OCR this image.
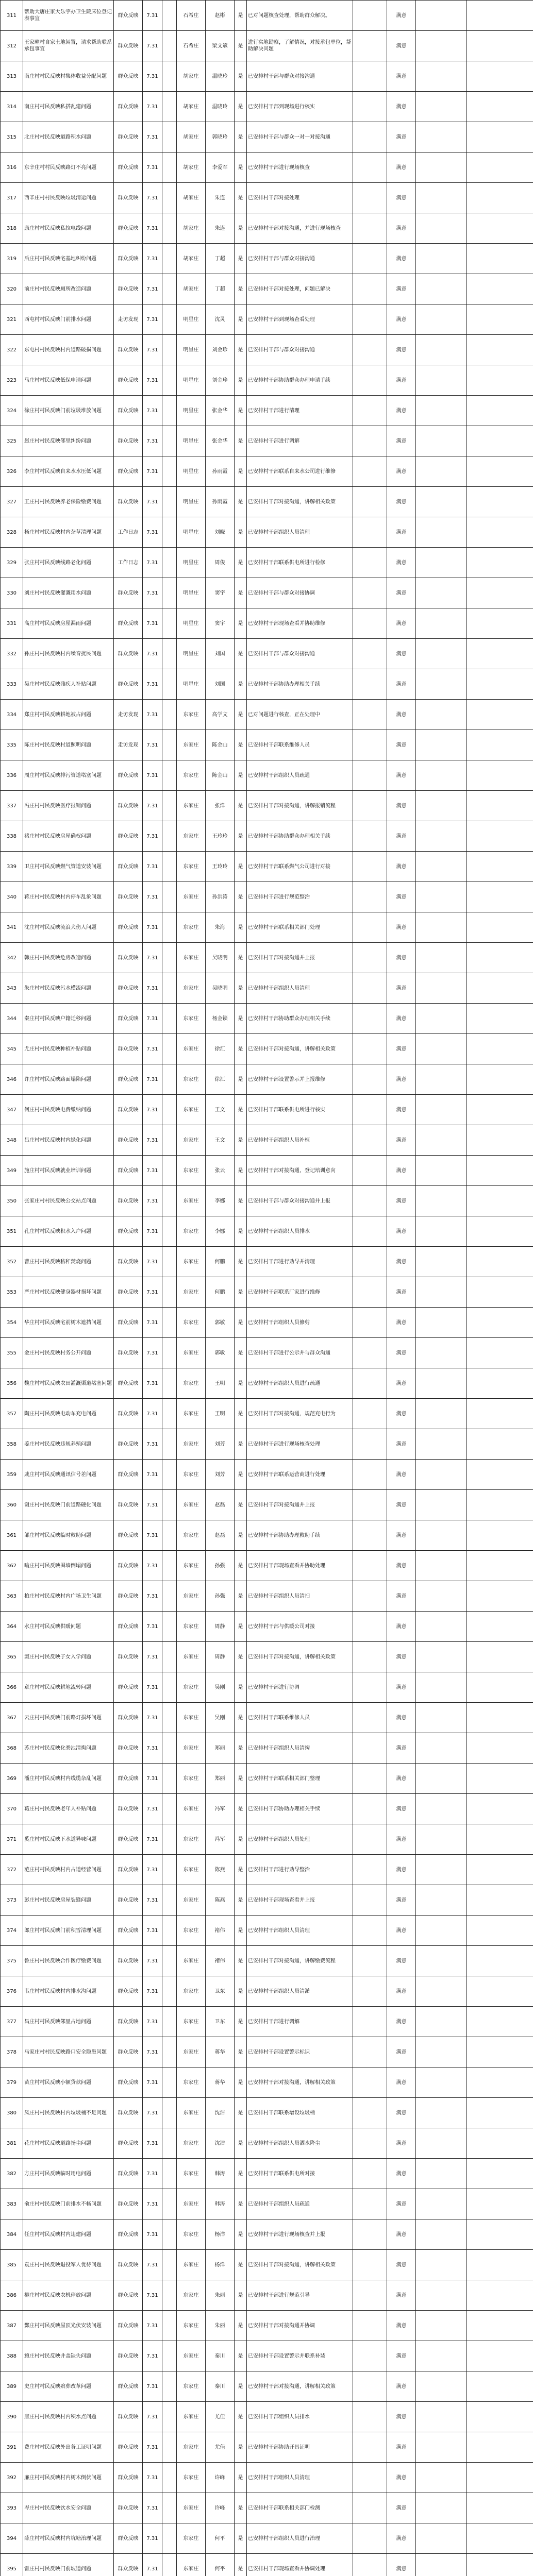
311	帮助大唐庄家大乐宇办卫生院床位登记表事宜	群众反映	7.31		石希庄	赵彬	是	已对问题核查处理，帮助群众解决。		满意		
312	王家疃村自家土地闲置，请求帮助联系承包事宜	群众反映	7.31		石希庄	梁文斌	是	进行实地勘察，了解情况，对接承包单位，帮助解决问题		满意		
313	南庄村村民反映村集体收益分配问题	群众反映	7.31		胡家庄	温晓玲	是	已安排村干部与群众对接沟通		满意		
314	南庄村村民反映私搭乱建问题	群众反映	7.31		胡家庄	温晓玲	是	已安排村干部到现场进行核实		满意		
315	北庄村村民反映道路积水问题	群众反映	7.31		胡家庄	郭晓玲	是	已安排村干部与群众一对一对接沟通		满意		
316	东辛庄村村民反映路灯不亮问题	群众反映	7.31		胡家庄	李爱军	是	已安排村干部进行现场核查		满意		
317	西辛庄村村民反映垃圾清运问题	群众反映	7.31		胡家庄	朱连	是	已安排村干部对接处理		满意		
318	康庄村村民反映私拉电线问题	群众反映	7.31		胡家庄	朱连	是	已安排村干部对接沟通，并进行现场核查		满意		
319	后庄村村民反映宅基地纠纷问题	群众反映	7.31		胡家庄	丁超	是	已安排村干部与群众对接沟通		满意		
320	前庄村村民反映厕所改造问题	群众反映	7.31		胡家庄	丁超	是	已安排村干部对接处理，问题已解决		满意		
321	西屯村村民反映门前排水问题	走访发现	7.31		明星庄	沈灵	是	已安排村干部到现场查看处理		满意		
322	东屯村村民反映村内道路破损问题	群众反映	7.31		明星庄	刘金珍	是	已安排村干部与群众对接沟通		满意		
323	马庄村村民反映低保申请问题	群众反映	7.31		明星庄	刘金珍	是	已安排村干部协助群众办理申请手续		满意		
324	徐庄村村民反映门前垃圾堆放问题	群众反映	7.31		明星庄	张金华	是	已安排村干部进行清理		满意		
325	赵庄村村民反映邻里纠纷问题	群众反映	7.31		明星庄	张金华	是	已安排村干部进行调解		满意		
326	李庄村村民反映自来水水压低问题	群众反映	7.31		明星庄	孙雨霞	是	已安排村干部联系自来水公司进行维修		满意		
327	王庄村村民反映养老保险缴费问题	群众反映	7.31		明星庄	孙雨霞	是	已安排村干部对接沟通，讲解相关政策		满意		
328	杨庄村村民反映村内杂草清理问题	工作日志	7.31		明星庄	刘晓	是	已安排村干部组织人员清理		满意		
329	张庄村村民反映线路老化问题	工作日志	7.31		明星庄	周俊	是	已安排村干部联系供电所进行检修		满意		
330	刘庄村村民反映灌溉用水问题	群众反映	7.31		明星庄	窦宇	是	已安排村干部与群众对接协调		满意		
331	高庄村村民反映房屋漏雨问题	群众反映	7.31		明星庄	窦宇	是	已安排村干部现场查看并协助维修		满意		
332	孙庄村村民反映村内噪音扰民问题	群众反映	7.31		明星庄	刘国	是	已安排村干部与群众对接沟通		满意		
333	吴庄村村民反映残疾人补贴问题	群众反映	7.31		明星庄	刘国	是	已安排村干部协助办理相关手续		满意		
334	郑庄村村民反映耕地被占问题	走访发现	7.31		东家庄	高学文	是	已对问题进行核查，正在处理中		满意		
335	陈庄村村民反映村道照明问题	走访发现	7.31		东家庄	陈金山	是	已安排村干部联系维修人员		满意		
336	周庄村村民反映排污管道堵塞问题	群众反映	7.31		东家庄	陈金山	是	已安排村干部组织人员疏通		满意		
337	冯庄村村民反映医疗报销问题	群众反映	7.31		东家庄	张洋	是	已安排村干部对接沟通，讲解报销流程		满意		
338	褚庄村村民反映房屋确权问题	群众反映	7.31		东家庄	王玲玲	是	已安排村干部协助群众办理相关手续		满意		
339	卫庄村村民反映燃气管道安装问题	群众反映	7.31		东家庄	王玲玲	是	已安排村干部联系燃气公司进行对接		满意		
340	蒋庄村村民反映村内停车乱象问题	群众反映	7.31		东家庄	孙洪涛	是	已安排村干部进行规范整治		满意		
341	沈庄村村民反映流浪犬伤人问题	群众反映	7.31		东家庄	朱海	是	已安排村干部联系相关部门处理		满意		
342	韩庄村村民反映危房改造问题	群众反映	7.31		东家庄	吴晓明	是	已安排村干部对接沟通并上报		满意		
343	朱庄村村民反映污水横流问题	群众反映	7.31		东家庄	吴晓明	是	已安排村干部组织人员清理		满意		
344	秦庄村村民反映户籍迁移问题	群众反映	7.31		东家庄	杨金锁	是	已安排村干部协助群众办理相关手续		满意		
345	尤庄村村民反映种植补贴问题	群众反映	7.31		东家庄	徐汇	是	已安排村干部对接沟通，讲解相关政策		满意		
346	许庄村村民反映路面塌陷问题	群众反映	7.31		东家庄	徐汇	是	已安排村干部设置警示并上报维修		满意		
347	何庄村村民反映电费缴纳问题	群众反映	7.31		东家庄	王文	是	已安排村干部联系供电所进行核实		满意		
348	吕庄村村民反映村内绿化问题	群众反映	7.31		东家庄	王文	是	已安排村干部组织人员补植		满意		
349	施庄村村民反映就业培训问题	群众反映	7.31		东家庄	张云	是	已安排村干部对接沟通，登记培训意向		满意		
350	张家庄村村民反映公交站点问题	群众反映	7.31		东家庄	李娜	是	已安排村干部与群众对接沟通并上报		满意		
351	孔庄村村民反映积水入户问题	群众反映	7.31		东家庄	李娜	是	已安排村干部组织人员排水		满意		
352	曹庄村村民反映秸秆焚烧问题	群众反映	7.31		东家庄	何鹏	是	已安排村干部进行劝导并清理		满意		
353	严庄村村民反映健身器材损坏问题	群众反映	7.31		东家庄	何鹏	是	已安排村干部联系厂家进行维修		满意		
354	华庄村村民反映宅前树木遮挡问题	群众反映	7.31		东家庄	郭敏	是	已安排村干部组织人员修剪		满意		
355	金庄村村民反映村务公开问题	群众反映	7.31		东家庄	郭敏	是	已安排村干部进行公示并与群众沟通		满意		
356	魏庄村村民反映农田灌溉渠道堵塞问题	群众反映	7.31		东家庄	王明	是	已安排村干部组织人员进行疏通		满意		
357	陶庄村村民反映电动车充电问题	群众反映	7.31		东家庄	王明	是	已安排村干部对接沟通，规范充电行为		满意		
358	姜庄村村民反映违规养殖问题	群众反映	7.31		东家庄	刘芳	是	已安排村干部进行现场核查处理		满意		
359	戚庄村村民反映通讯信号差问题	群众反映	7.31		东家庄	刘芳	是	已安排村干部联系运营商进行处理		满意		
360	谢庄村村民反映门前道路硬化问题	群众反映	7.31		东家庄	赵磊	是	已安排村干部对接沟通并上报		满意		
361	邹庄村村民反映临时救助问题	群众反映	7.31		东家庄	赵磊	是	已安排村干部协助办理救助手续		满意		
362	喻庄村村民反映围墙倒塌问题	群众反映	7.31		东家庄	孙强	是	已安排村干部现场查看并协助处理		满意		
363	柏庄村村民反映村内广场卫生问题	群众反映	7.31		东家庄	孙强	是	已安排村干部组织人员清扫		满意		
364	水庄村村民反映供暖问题	群众反映	7.31		东家庄	周静	是	已安排村干部与供暖公司对接		满意		
365	窦庄村村民反映子女入学问题	群众反映	7.31		东家庄	周静	是	已安排村干部对接沟通，讲解相关政策		满意		
366	章庄村村民反映耕地流转问题	群众反映	7.31		东家庄	吴刚	是	已安排村干部进行协调		满意		
367	云庄村村民反映门前路灯损坏问题	群众反映	7.31		东家庄	吴刚	是	已安排村干部联系维修人员		满意		
368	苏庄村村民反映化粪池清掏问题	群众反映	7.31		东家庄	郑丽	是	已安排村干部组织人员清掏		满意		
369	潘庄村村民反映村内线缆杂乱问题	群众反映	7.31		东家庄	郑丽	是	已安排村干部联系相关部门整理		满意		
370	葛庄村村民反映老年人补贴问题	群众反映	7.31		东家庄	冯军	是	已安排村干部协助办理相关手续		满意		
371	奚庄村村民反映下水道异味问题	群众反映	7.31		东家庄	冯军	是	已安排村干部组织人员处理		满意		
372	范庄村村民反映村内占道经营问题	群众反映	7.31		东家庄	陈燕	是	已安排村干部进行劝导整治		满意		
373	彭庄村村民反映房屋裂缝问题	群众反映	7.31		东家庄	陈燕	是	已安排村干部现场查看并上报		满意		
374	郎庄村村民反映门前积雪清理问题	群众反映	7.31		东家庄	褚伟	是	已安排村干部组织人员清理		满意		
375	鲁庄村村民反映合作医疗缴费问题	群众反映	7.31		东家庄	褚伟	是	已安排村干部对接沟通，讲解缴费流程		满意		
376	韦庄村村民反映村内排水沟问题	群众反映	7.31		东家庄	卫东	是	已安排村干部组织人员清淤		满意		
377	昌庄村村民反映邻里占地问题	群众反映	7.31		东家庄	卫东	是	已安排村干部进行调解		满意		
378	马家庄村村民反映路口安全隐患问题	群众反映	7.31		东家庄	蒋华	是	已安排村干部设置警示标识		满意		
379	苗庄村村民反映小额贷款问题	群众反映	7.31		东家庄	蒋华	是	已安排村干部对接沟通，讲解相关政策		满意		
380	凤庄村村民反映村内垃圾桶不足问题	群众反映	7.31		东家庄	沈洁	是	已安排村干部联系增设垃圾桶		满意		
381	花庄村村民反映道路扬尘问题	群众反映	7.31		东家庄	沈洁	是	已安排村干部组织人员洒水降尘		满意		
382	方庄村村民反映临时用电问题	群众反映	7.31		东家庄	韩涛	是	已安排村干部联系供电所对接		满意		
383	俞庄村村民反映门前排水不畅问题	群众反映	7.31		东家庄	韩涛	是	已安排村干部组织人员疏通		满意		
384	任庄村村民反映村内违建问题	群众反映	7.31		东家庄	杨洋	是	已安排村干部进行现场核查并上报		满意		
385	袁庄村村民反映退役军人优待问题	群众反映	7.31		东家庄	杨洋	是	已安排村干部对接沟通，讲解相关政策		满意		
386	柳庄村村民反映农机停放问题	群众反映	7.31		东家庄	朱丽	是	已安排村干部进行规范引导		满意		
387	酆庄村村民反映屋顶光伏安装问题	群众反映	7.31		东家庄	朱丽	是	已安排村干部对接沟通并协调		满意		
388	鲍庄村村民反映井盖缺失问题	群众反映	7.31		东家庄	秦川	是	已安排村干部设置警示并联系补装		满意		
389	史庄村村民反映殡葬改革问题	群众反映	7.31		东家庄	秦川	是	已安排村干部对接沟通，讲解相关政策		满意		
390	唐庄村村民反映村内积水点问题	群众反映	7.31		东家庄	尤佳	是	已安排村干部组织人员排水		满意		
391	费庄村村民反映外出务工证明问题	群众反映	7.31		东家庄	尤佳	是	已安排村干部协助开具证明		满意		
392	廉庄村村民反映村内树木倒伏问题	群众反映	7.31		东家庄	许峰	是	已安排村干部组织人员清理		满意		
393	岑庄村村民反映饮水安全问题	群众反映	7.31		东家庄	许峰	是	已安排村干部联系相关部门检测		满意		
394	薛庄村村民反映村内坑塘治理问题	群众反映	7.31		东家庄	何平	是	已安排村干部组织人员进行治理		满意		
395	雷庄村村民反映门前坡道问题	群众反映	7.31		东家庄	何平	是	已安排村干部现场查看并协调处理		满意		
